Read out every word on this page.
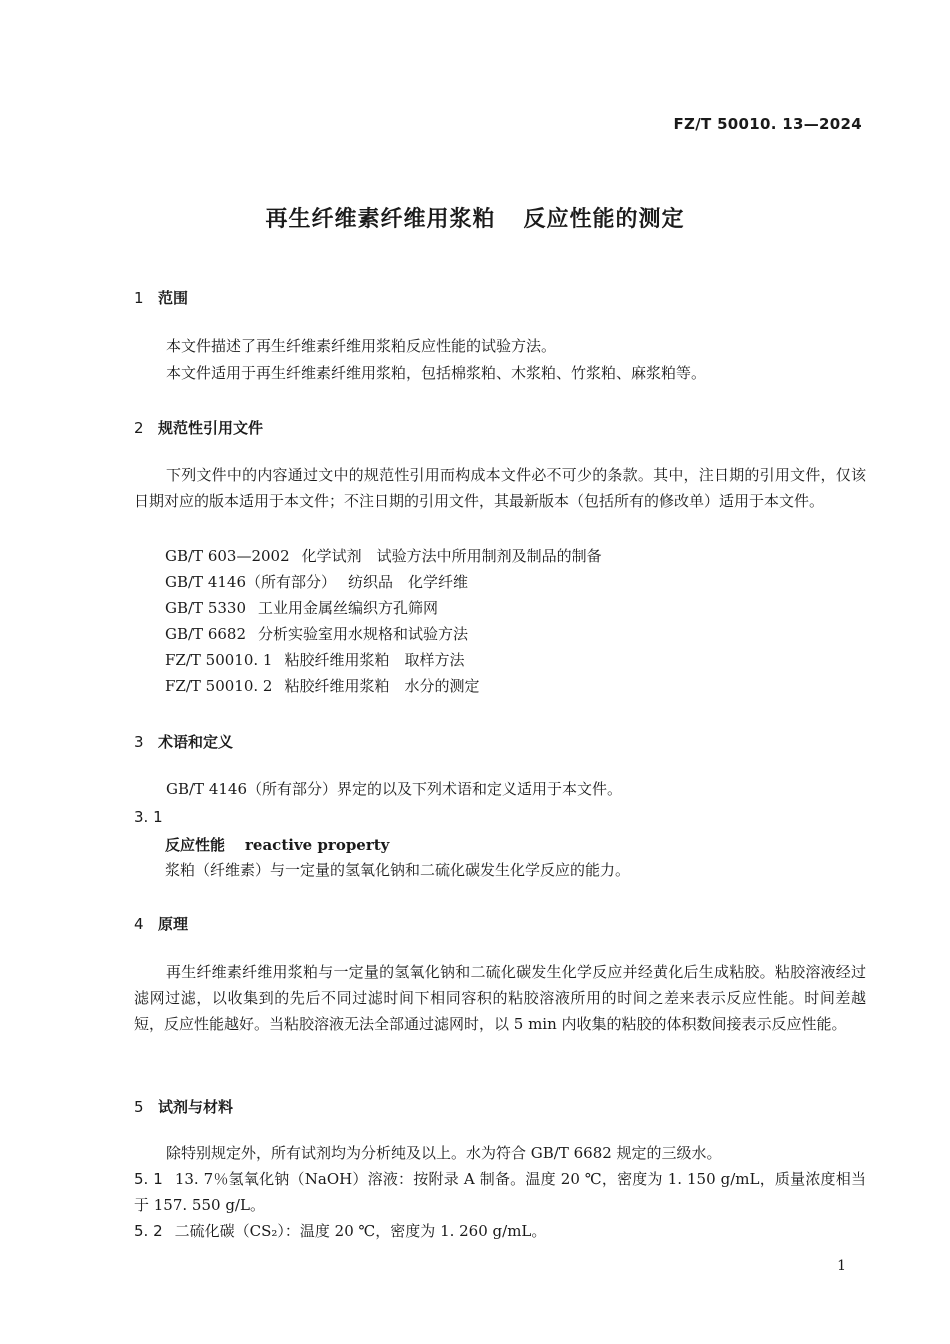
FZ/T 50010. 13—2024
再生纤维素纤维用浆粕 反应性能的测定
1 范围
本文件描述了再生纤维素纤维用浆粕反应性能的试验方法。
本文件适用于再生纤维素纤维用浆粕，包括棉浆粕、木浆粕、竹浆粕、麻浆粕等。
2 规范性引用文件
下列文件中的内容通过文中的规范性引用而构成本文件必不可少的条款。其中，注日期的引用文件，仅该日期对应的版本适用于本文件；不注日期的引用文件，其最新版本（包括所有的修改单）适用于本文件。
GB/T 603—2002 化学试剂　试验方法中所用制剂及制品的制备
GB/T 4146（所有部分） 纺织品　化学纤维
GB/T 5330 工业用金属丝编织方孔筛网
GB/T 6682 分析实验室用水规格和试验方法
FZ/T 50010. 1 粘胶纤维用浆粕　取样方法
FZ/T 50010. 2 粘胶纤维用浆粕　水分的测定
3 术语和定义
GB/T 4146（所有部分）界定的以及下列术语和定义适用于本文件。
3. 1
反应性能 reactive property
浆粕（纤维素）与一定量的氢氧化钠和二硫化碳发生化学反应的能力。
4 原理
再生纤维素纤维用浆粕与一定量的氢氧化钠和二硫化碳发生化学反应并经黄化后生成粘胶。粘胶溶液经过滤网过滤，以收集到的先后不同过滤时间下相同容积的粘胶溶液所用的时间之差来表示反应性能。时间差越短，反应性能越好。当粘胶溶液无法全部通过滤网时，以 5 min 内收集的粘胶的体积数间接表示反应性能。
5 试剂与材料
除特别规定外，所有试剂均为分析纯及以上。水为符合 GB/T 6682 规定的三级水。
5. 1 13. 7％氢氧化钠（NaOH）溶液：按附录 A 制备。温度 20 ℃，密度为 1. 150 g/mL，质量浓度相当于 157. 550 g/L。
5. 2 二硫化碳（CS₂）：温度 20 ℃，密度为 1. 260 g/mL。
1
